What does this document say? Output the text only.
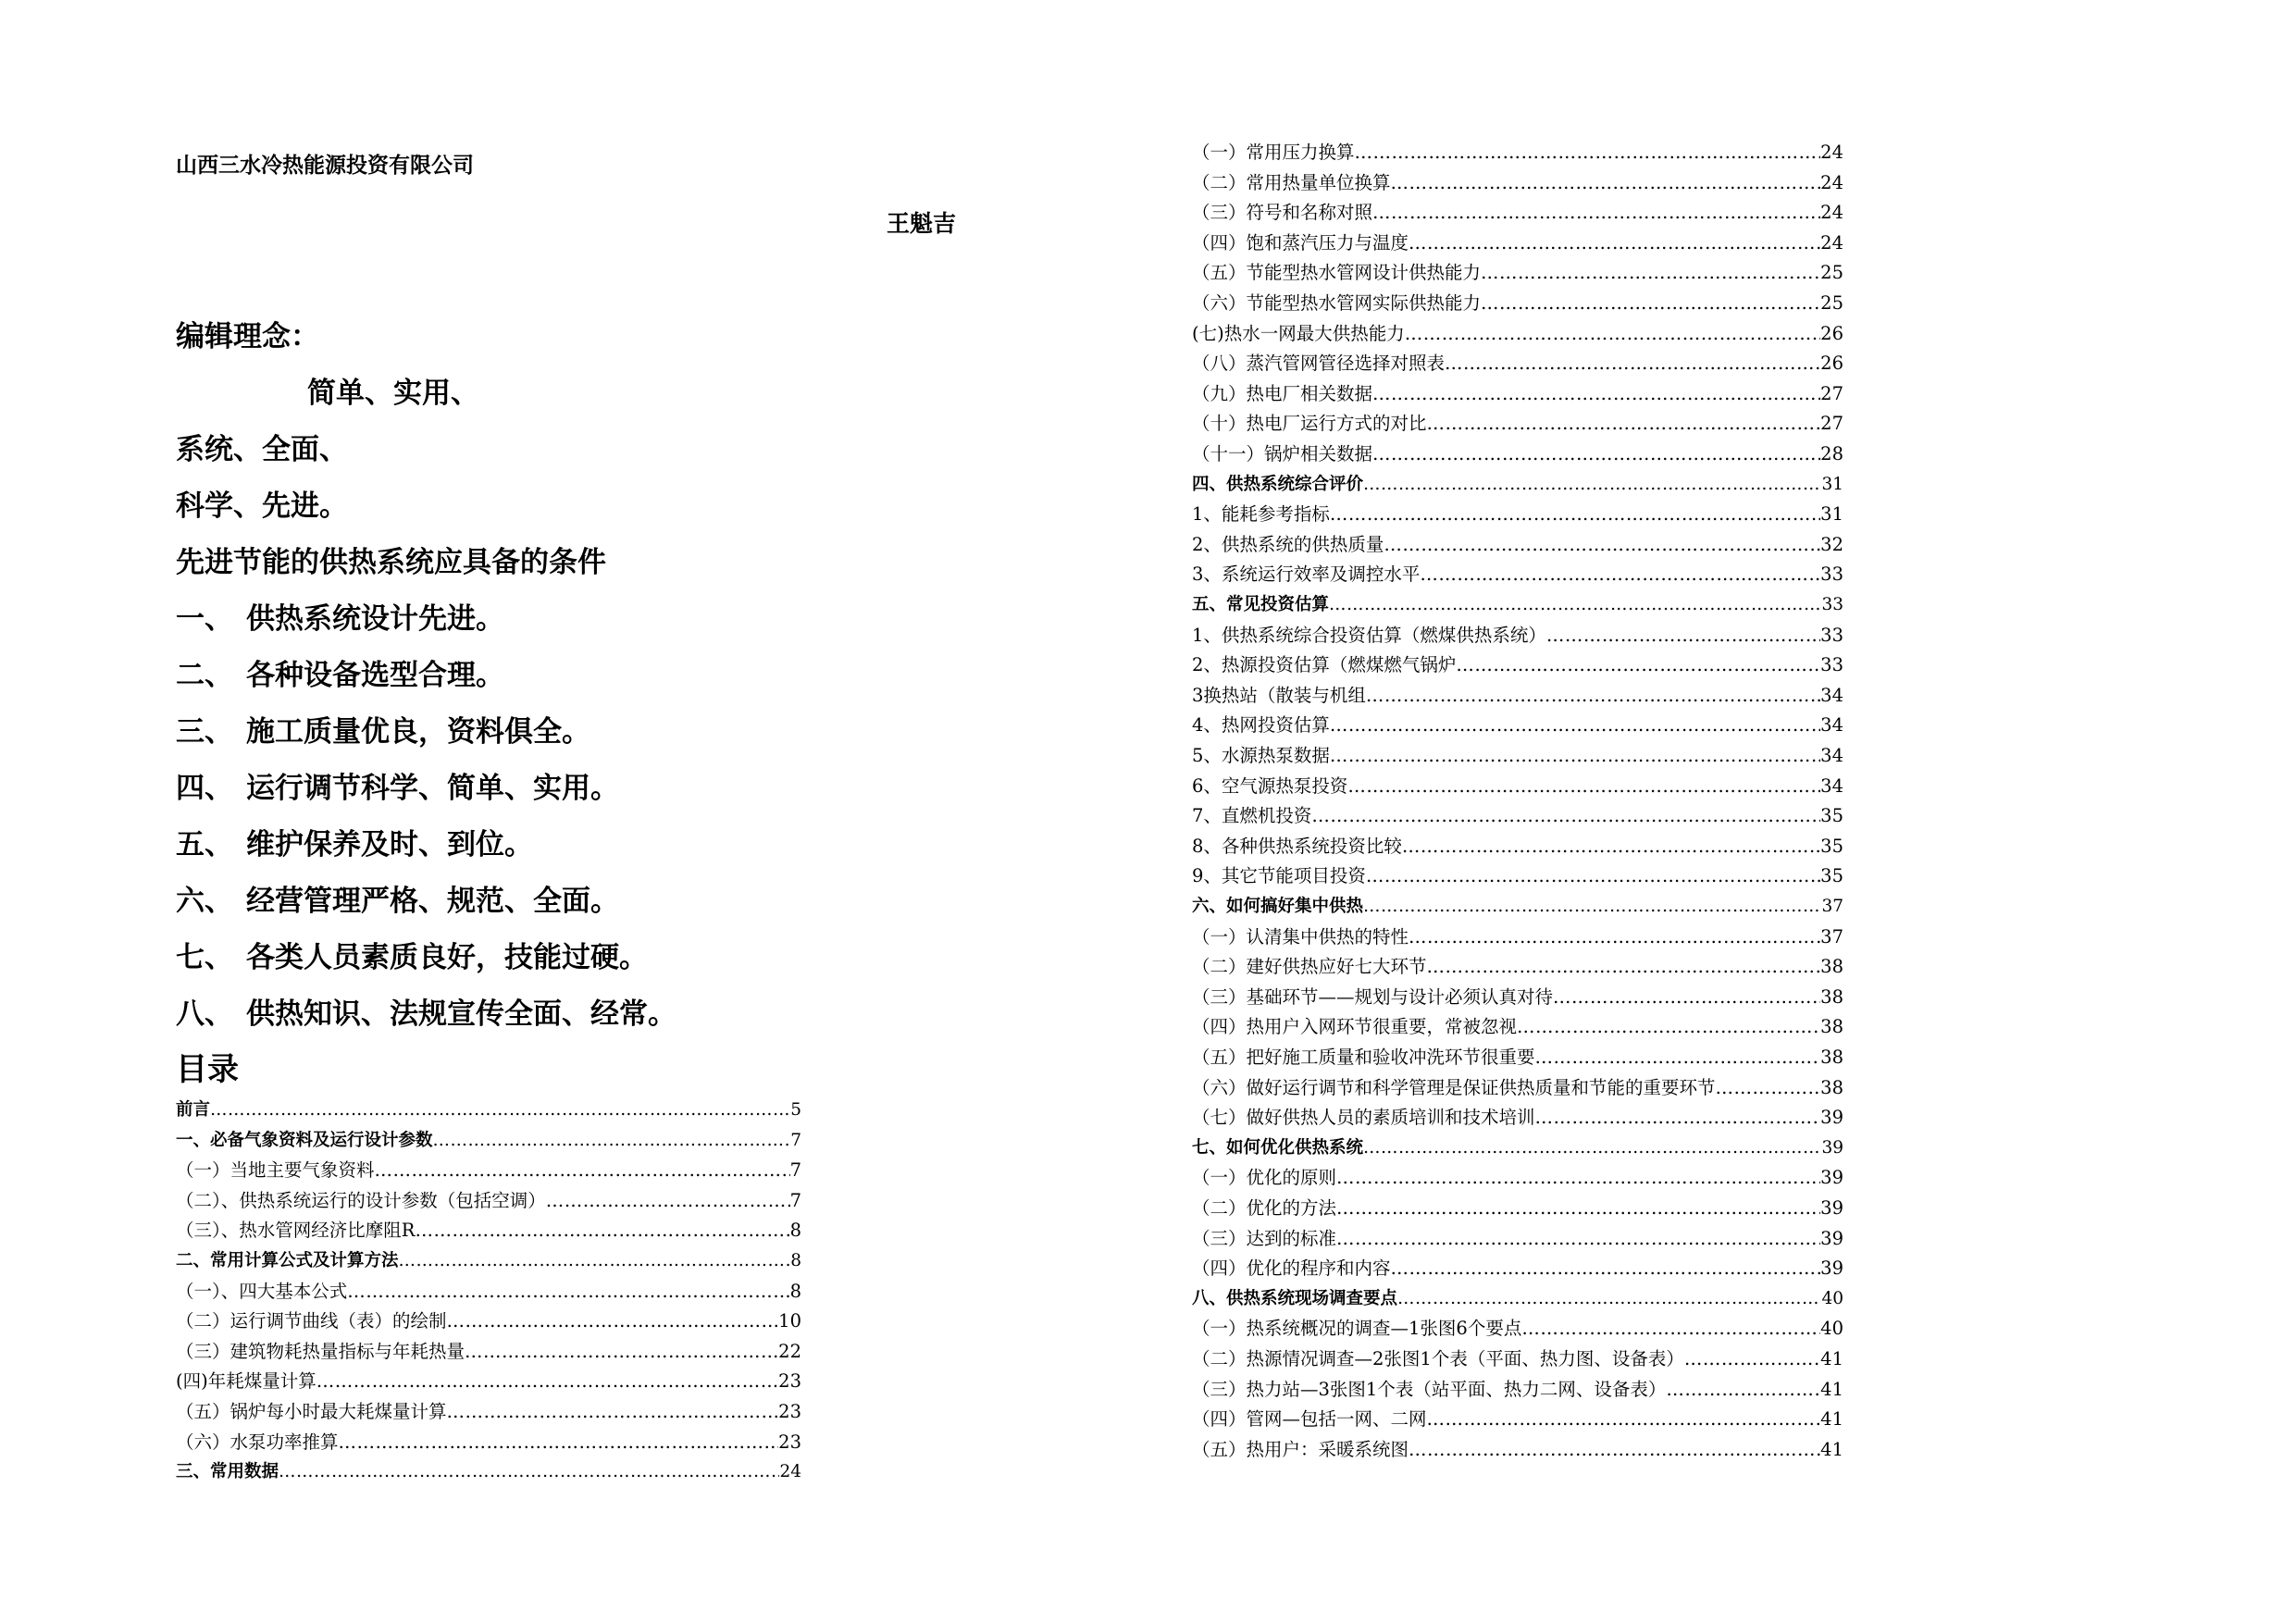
山西三水冷热能源投资有限公司
王魁吉
编辑理念：
简单、实用、
系统、全面、
科学、先进。
先进节能的供热系统应具备的条件
一、 供热系统设计先进。
二、 各种设备选型合理。
三、 施工质量优良，资料俱全。
四、 运行调节科学、简单、实用。
五、 维护保养及时、到位。
六、 经营管理严格、规范、全面。
七、 各类人员素质良好，技能过硬。
八、 供热知识、法规宣传全面、经常。
目录
前言 …………………………………………………………………………………………………………………………………………………………………………………………………………………………………………………………	5
一、必备气象资料及运行设计参数 …………………………………………………………………………………………………………………………………………………………………………………………………………………………………………………………	7
（一）当地主要气象资料 …………………………………………………………………………………………………………………………………………………………………………………………………………………………………………………………	7
（二）、供热系统运行的设计参数（包括空调） …………………………………………………………………………………………………………………………………………………………………………………………………………………………………………………………	7
（三）、热水管网经济比摩阻R …………………………………………………………………………………………………………………………………………………………………………………………………………………………………………………………	8
二、常用计算公式及计算方法 …………………………………………………………………………………………………………………………………………………………………………………………………………………………………………………………	8
（一）、四大基本公式 …………………………………………………………………………………………………………………………………………………………………………………………………………………………………………………………	8
（二）运行调节曲线（表）的绘制 …………………………………………………………………………………………………………………………………………………………………………………………………………………………………………………………	10
（三）建筑物耗热量指标与年耗热量 …………………………………………………………………………………………………………………………………………………………………………………………………………………………………………………………	22
(四)年耗煤量计算 …………………………………………………………………………………………………………………………………………………………………………………………………………………………………………………………	23
（五）锅炉每小时最大耗煤量计算 …………………………………………………………………………………………………………………………………………………………………………………………………………………………………………………………	23
（六）水泵功率推算 …………………………………………………………………………………………………………………………………………………………………………………………………………………………………………………………	23
三、常用数据 …………………………………………………………………………………………………………………………………………………………………………………………………………………………………………………………	24
（一）常用压力换算 …………………………………………………………………………………………………………………………………………………………………………………………………………………………………………………………	24
（二）常用热量单位换算 …………………………………………………………………………………………………………………………………………………………………………………………………………………………………………………………	24
（三）符号和名称对照 …………………………………………………………………………………………………………………………………………………………………………………………………………………………………………………………	24
（四）饱和蒸汽压力与温度 …………………………………………………………………………………………………………………………………………………………………………………………………………………………………………………………	24
（五）节能型热水管网设计供热能力 …………………………………………………………………………………………………………………………………………………………………………………………………………………………………………………………	25
（六）节能型热水管网实际供热能力 …………………………………………………………………………………………………………………………………………………………………………………………………………………………………………………………	25
(七)热水一网最大供热能力 …………………………………………………………………………………………………………………………………………………………………………………………………………………………………………………………	26
（八）蒸汽管网管径选择对照表 …………………………………………………………………………………………………………………………………………………………………………………………………………………………………………………………	26
（九）热电厂相关数据 …………………………………………………………………………………………………………………………………………………………………………………………………………………………………………………………	27
（十）热电厂运行方式的对比 …………………………………………………………………………………………………………………………………………………………………………………………………………………………………………………………	27
（十一）锅炉相关数据 …………………………………………………………………………………………………………………………………………………………………………………………………………………………………………………………	28
四、供热系统综合评价 …………………………………………………………………………………………………………………………………………………………………………………………………………………………………………………………	31
1、能耗参考指标 …………………………………………………………………………………………………………………………………………………………………………………………………………………………………………………………	31
2、供热系统的供热质量 …………………………………………………………………………………………………………………………………………………………………………………………………………………………………………………………	32
3、系统运行效率及调控水平 …………………………………………………………………………………………………………………………………………………………………………………………………………………………………………………………	33
五、常见投资估算 …………………………………………………………………………………………………………………………………………………………………………………………………………………………………………………………	33
1、供热系统综合投资估算（燃煤供热系统） …………………………………………………………………………………………………………………………………………………………………………………………………………………………………………………………	33
2、热源投资估算（燃煤燃气锅炉 …………………………………………………………………………………………………………………………………………………………………………………………………………………………………………………………	33
3换热站（散装与机组 …………………………………………………………………………………………………………………………………………………………………………………………………………………………………………………………	34
4、热网投资估算 …………………………………………………………………………………………………………………………………………………………………………………………………………………………………………………………	34
5、水源热泵数据 …………………………………………………………………………………………………………………………………………………………………………………………………………………………………………………………	34
6、空气源热泵投资 …………………………………………………………………………………………………………………………………………………………………………………………………………………………………………………………	34
7、直燃机投资 …………………………………………………………………………………………………………………………………………………………………………………………………………………………………………………………	35
8、各种供热系统投资比较 …………………………………………………………………………………………………………………………………………………………………………………………………………………………………………………………	35
9、其它节能项目投资 …………………………………………………………………………………………………………………………………………………………………………………………………………………………………………………………	35
六、如何搞好集中供热 …………………………………………………………………………………………………………………………………………………………………………………………………………………………………………………………	37
（一）认清集中供热的特性 …………………………………………………………………………………………………………………………………………………………………………………………………………………………………………………………	37
（二）建好供热应好七大环节 …………………………………………………………………………………………………………………………………………………………………………………………………………………………………………………………	38
（三）基础环节——规划与设计必须认真对待 …………………………………………………………………………………………………………………………………………………………………………………………………………………………………………………………	38
（四）热用户入网环节很重要，常被忽视 …………………………………………………………………………………………………………………………………………………………………………………………………………………………………………………………	38
（五）把好施工质量和验收冲洗环节很重要 …………………………………………………………………………………………………………………………………………………………………………………………………………………………………………………………	38
（六）做好运行调节和科学管理是保证供热质量和节能的重要环节 …………………………………………………………………………………………………………………………………………………………………………………………………………………………………………………………	38
（七）做好供热人员的素质培训和技术培训 …………………………………………………………………………………………………………………………………………………………………………………………………………………………………………………………	39
七、如何优化供热系统 …………………………………………………………………………………………………………………………………………………………………………………………………………………………………………………………	39
（一）优化的原则 …………………………………………………………………………………………………………………………………………………………………………………………………………………………………………………………	39
（二）优化的方法 …………………………………………………………………………………………………………………………………………………………………………………………………………………………………………………………	39
（三）达到的标准 …………………………………………………………………………………………………………………………………………………………………………………………………………………………………………………………	39
（四）优化的程序和内容 …………………………………………………………………………………………………………………………………………………………………………………………………………………………………………………………	39
八、供热系统现场调查要点 …………………………………………………………………………………………………………………………………………………………………………………………………………………………………………………………	40
（一）热系统概况的调查—1张图6个要点 …………………………………………………………………………………………………………………………………………………………………………………………………………………………………………………………	40
（二）热源情况调查—2张图1个表（平面、热力图、设备表） …………………………………………………………………………………………………………………………………………………………………………………………………………………………………………………………	41
（三）热力站—3张图1个表（站平面、热力二网、设备表） …………………………………………………………………………………………………………………………………………………………………………………………………………………………………………………………	41
（四）管网—包括一网、二网 …………………………………………………………………………………………………………………………………………………………………………………………………………………………………………………………	41
（五）热用户：采暖系统图 …………………………………………………………………………………………………………………………………………………………………………………………………………………………………………………………	41
